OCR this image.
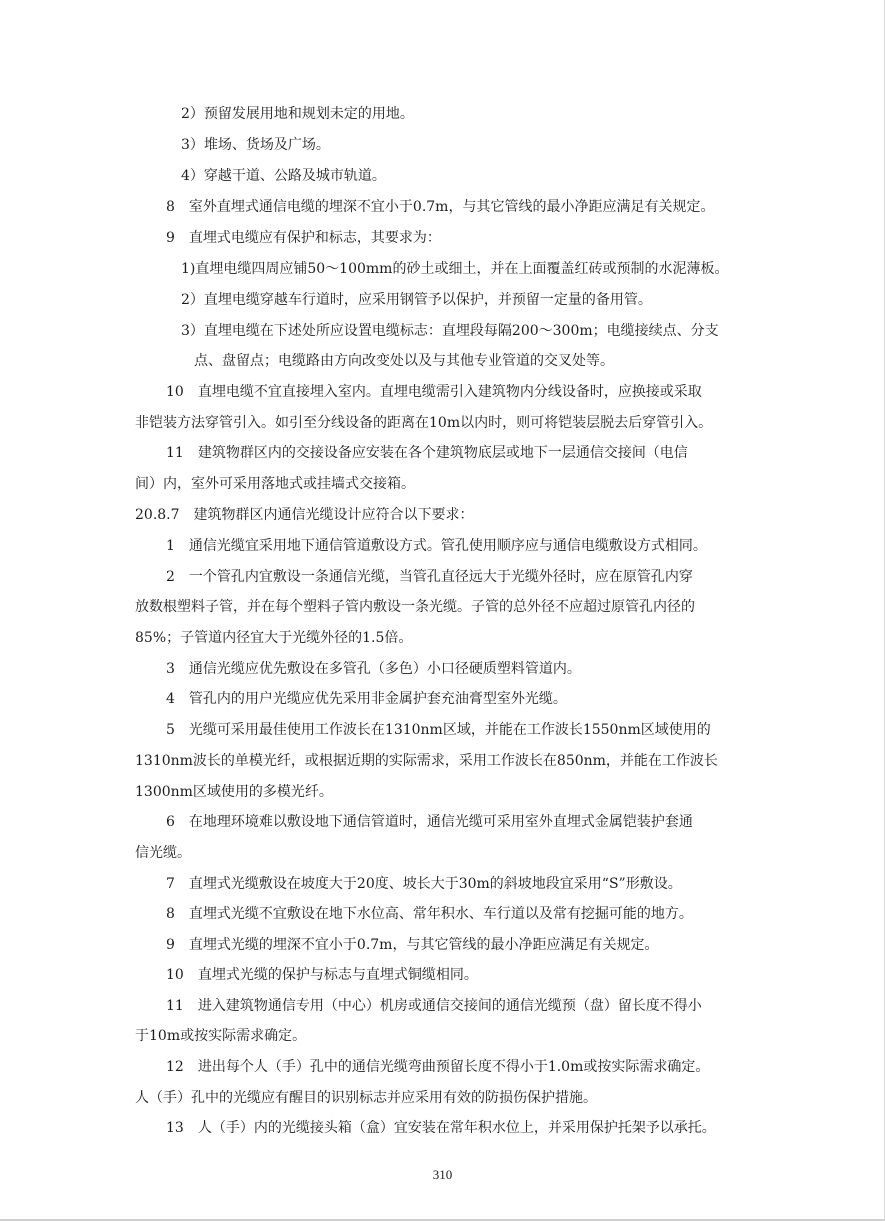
2）预留发展用地和规划未定的用地。
3）堆场、货场及广场。
4）穿越干道、公路及城市轨道。
8　室外直埋式通信电缆的埋深不宜小于0.7m，与其它管线的最小净距应满足有关规定。
9　直埋式电缆应有保护和标志，其要求为：
1)直埋电缆四周应铺50～100mm的砂土或细土，并在上面覆盖红砖或预制的水泥薄板。
2）直埋电缆穿越车行道时，应采用钢管予以保护，并预留一定量的备用管。
3）直埋电缆在下述处所应设置电缆标志：直埋段每隔200～300m；电缆接续点、分支
点、盘留点；电缆路由方向改变处以及与其他专业管道的交叉处等。
10　直埋电缆不宜直接埋入室内。直埋电缆需引入建筑物内分线设备时，应换接或采取
非铠装方法穿管引入。如引至分线设备的距离在10m以内时，则可将铠装层脱去后穿管引入。
11　建筑物群区内的交接设备应安装在各个建筑物底层或地下一层通信交接间（电信
间）内，室外可采用落地式或挂墙式交接箱。
20.8.7　建筑物群区内通信光缆设计应符合以下要求：
1　通信光缆宜采用地下通信管道敷设方式。管孔使用顺序应与通信电缆敷设方式相同。
2　一个管孔内宜敷设一条通信光缆，当管孔直径远大于光缆外径时，应在原管孔内穿
放数根塑料子管，并在每个塑料子管内敷设一条光缆。子管的总外径不应超过原管孔内径的
85%；子管道内径宜大于光缆外径的1.5倍。
3　通信光缆应优先敷设在多管孔（多色）小口径硬质塑料管道内。
4　管孔内的用户光缆应优先采用非金属护套充油膏型室外光缆。
5　光缆可采用最佳使用工作波长在1310nm区域，并能在工作波长1550nm区域使用的
1310nm波长的单模光纤，或根据近期的实际需求，采用工作波长在850nm，并能在工作波长
1300nm区域使用的多模光纤。
6　在地理环境难以敷设地下通信管道时，通信光缆可采用室外直埋式金属铠装护套通
信光缆。
7　直埋式光缆敷设在坡度大于20度、坡长大于30m的斜坡地段宜采用“S”形敷设。
8　直埋式光缆不宜敷设在地下水位高、常年积水、车行道以及常有挖掘可能的地方。
9　直埋式光缆的埋深不宜小于0.7m，与其它管线的最小净距应满足有关规定。
10　直埋式光缆的保护与标志与直埋式铜缆相同。
11　进入建筑物通信专用（中心）机房或通信交接间的通信光缆预（盘）留长度不得小
于10m或按实际需求确定。
12　进出每个人（手）孔中的通信光缆弯曲预留长度不得小于1.0m或按实际需求确定。
人（手）孔中的光缆应有醒目的识别标志并应采用有效的防损伤保护措施。
13　人（手）内的光缆接头箱（盒）宜安装在常年积水位上，并采用保护托架予以承托。
310
